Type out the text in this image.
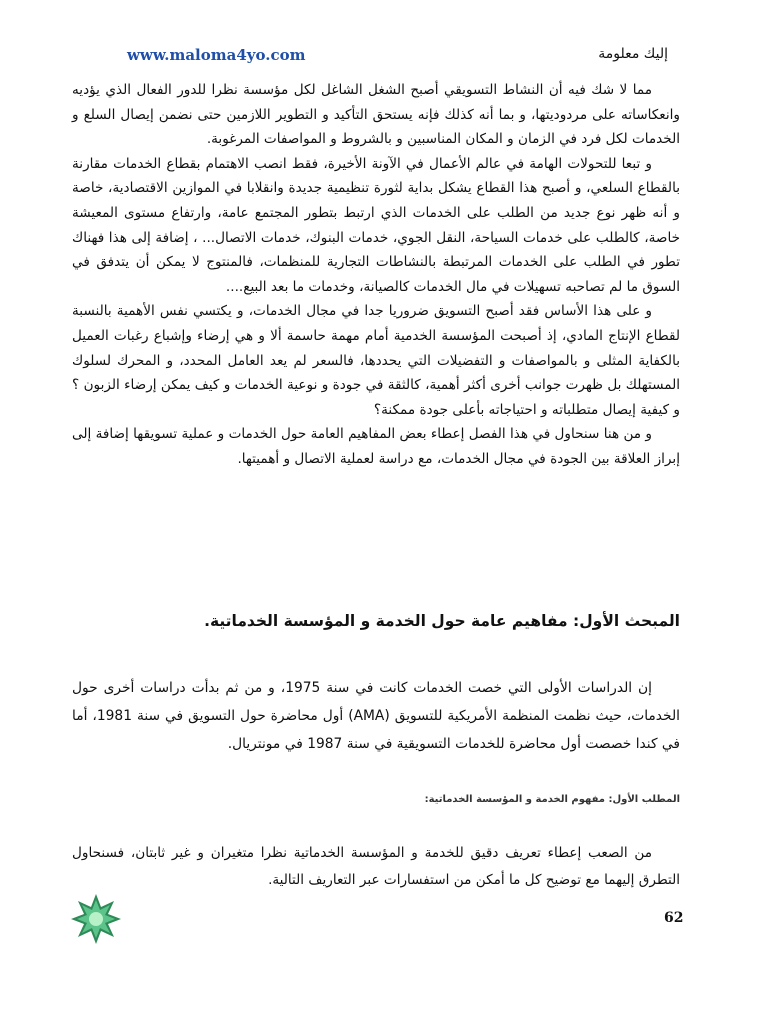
www.maloma4yo.com	إليك معلومة

مما لا شك فيه أن النشاط التسويقي أصبح الشغل الشاغل لكل مؤسسة نظرا للدور الفعال الذي يؤديه وانعكاساته على مردوديتها، و بما أنه كذلك فإنه يستحق التأكيد و التطوير اللازمين حتى نضمن إيصال السلع و الخدمات لكل فرد في الزمان و المكان المناسبين و بالشروط و المواصفات المرغوبة.

و تبعا للتحولات الهامة في عالم الأعمال في الآونة الأخيرة، فقط انصب الاهتمام بقطاع الخدمات مقارنة بالقطاع السلعي، و أصبح هذا القطاع يشكل بداية لثورة تنظيمية جديدة وانقلابا في الموازين الاقتصادية، خاصة و أنه ظهر نوع جديد من الطلب على الخدمات الذي ارتبط بتطور المجتمع عامة، وارتفاع مستوى المعيشة خاصة، كالطلب على خدمات السياحة، النقل الجوي، خدمات البنوك، خدمات الاتصال... ، إضافة إلى هذا فهناك تطور في الطلب على الخدمات المرتبطة بالنشاطات التجارية للمنظمات، فالمنتوج لا يمكن أن يتدفق في السوق ما لم تصاحبه تسهيلات في مال الخدمات كالصيانة، وخدمات ما بعد البيع....

و على هذا الأساس فقد أصبح التسويق ضروريا جدا في مجال الخدمات، و يكتسي نفس الأهمية بالنسبة لقطاع الإنتاج المادي، إذ أصبحت المؤسسة الخدمية أمام مهمة حاسمة ألا و هي إرضاء وإشباع رغبات العميل بالكفاية المثلى و بالمواصفات و التفضيلات التي يحددها، فالسعر لم يعد العامل المحدد، و المحرك لسلوك المستهلك بل ظهرت جوانب أخرى أكثر أهمية، كالثقة في جودة و نوعية الخدمات و كيف يمكن إرضاء الزبون ؟ و كيفية إيصال متطلباته و احتياجاته بأعلى جودة ممكنة؟

و من هنا سنحاول في هذا الفصل إعطاء بعض المفاهيم العامة حول الخدمات و عملية تسويقها إضافة إلى إبراز العلاقة بين الجودة في مجال الخدمات، مع دراسة لعملية الاتصال و أهميتها.

المبحث الأول: مفاهيم عامة حول الخدمة و المؤسسة الخدماتية.

إن الدراسات الأولى التي خصت الخدمات كانت في سنة 1975، و من ثم بدأت دراسات أخرى حول الخدمات، حيث نظمت المنظمة الأمريكية للتسويق (AMA) أول محاضرة حول التسويق في سنة 1981، أما في كندا خصصت أول محاضرة للخدمات التسويقية في سنة 1987 في مونتريال.

المطلب الأول: مفهوم الخدمة و المؤسسة الخدماتية:

من الصعب إعطاء تعريف دقيق للخدمة و المؤسسة الخدماتية نظرا متغيران و غير ثابتان، فسنحاول التطرق إليهما مع توضيح كل ما أمكن من استفسارات عبر التعاريف التالية.

62
